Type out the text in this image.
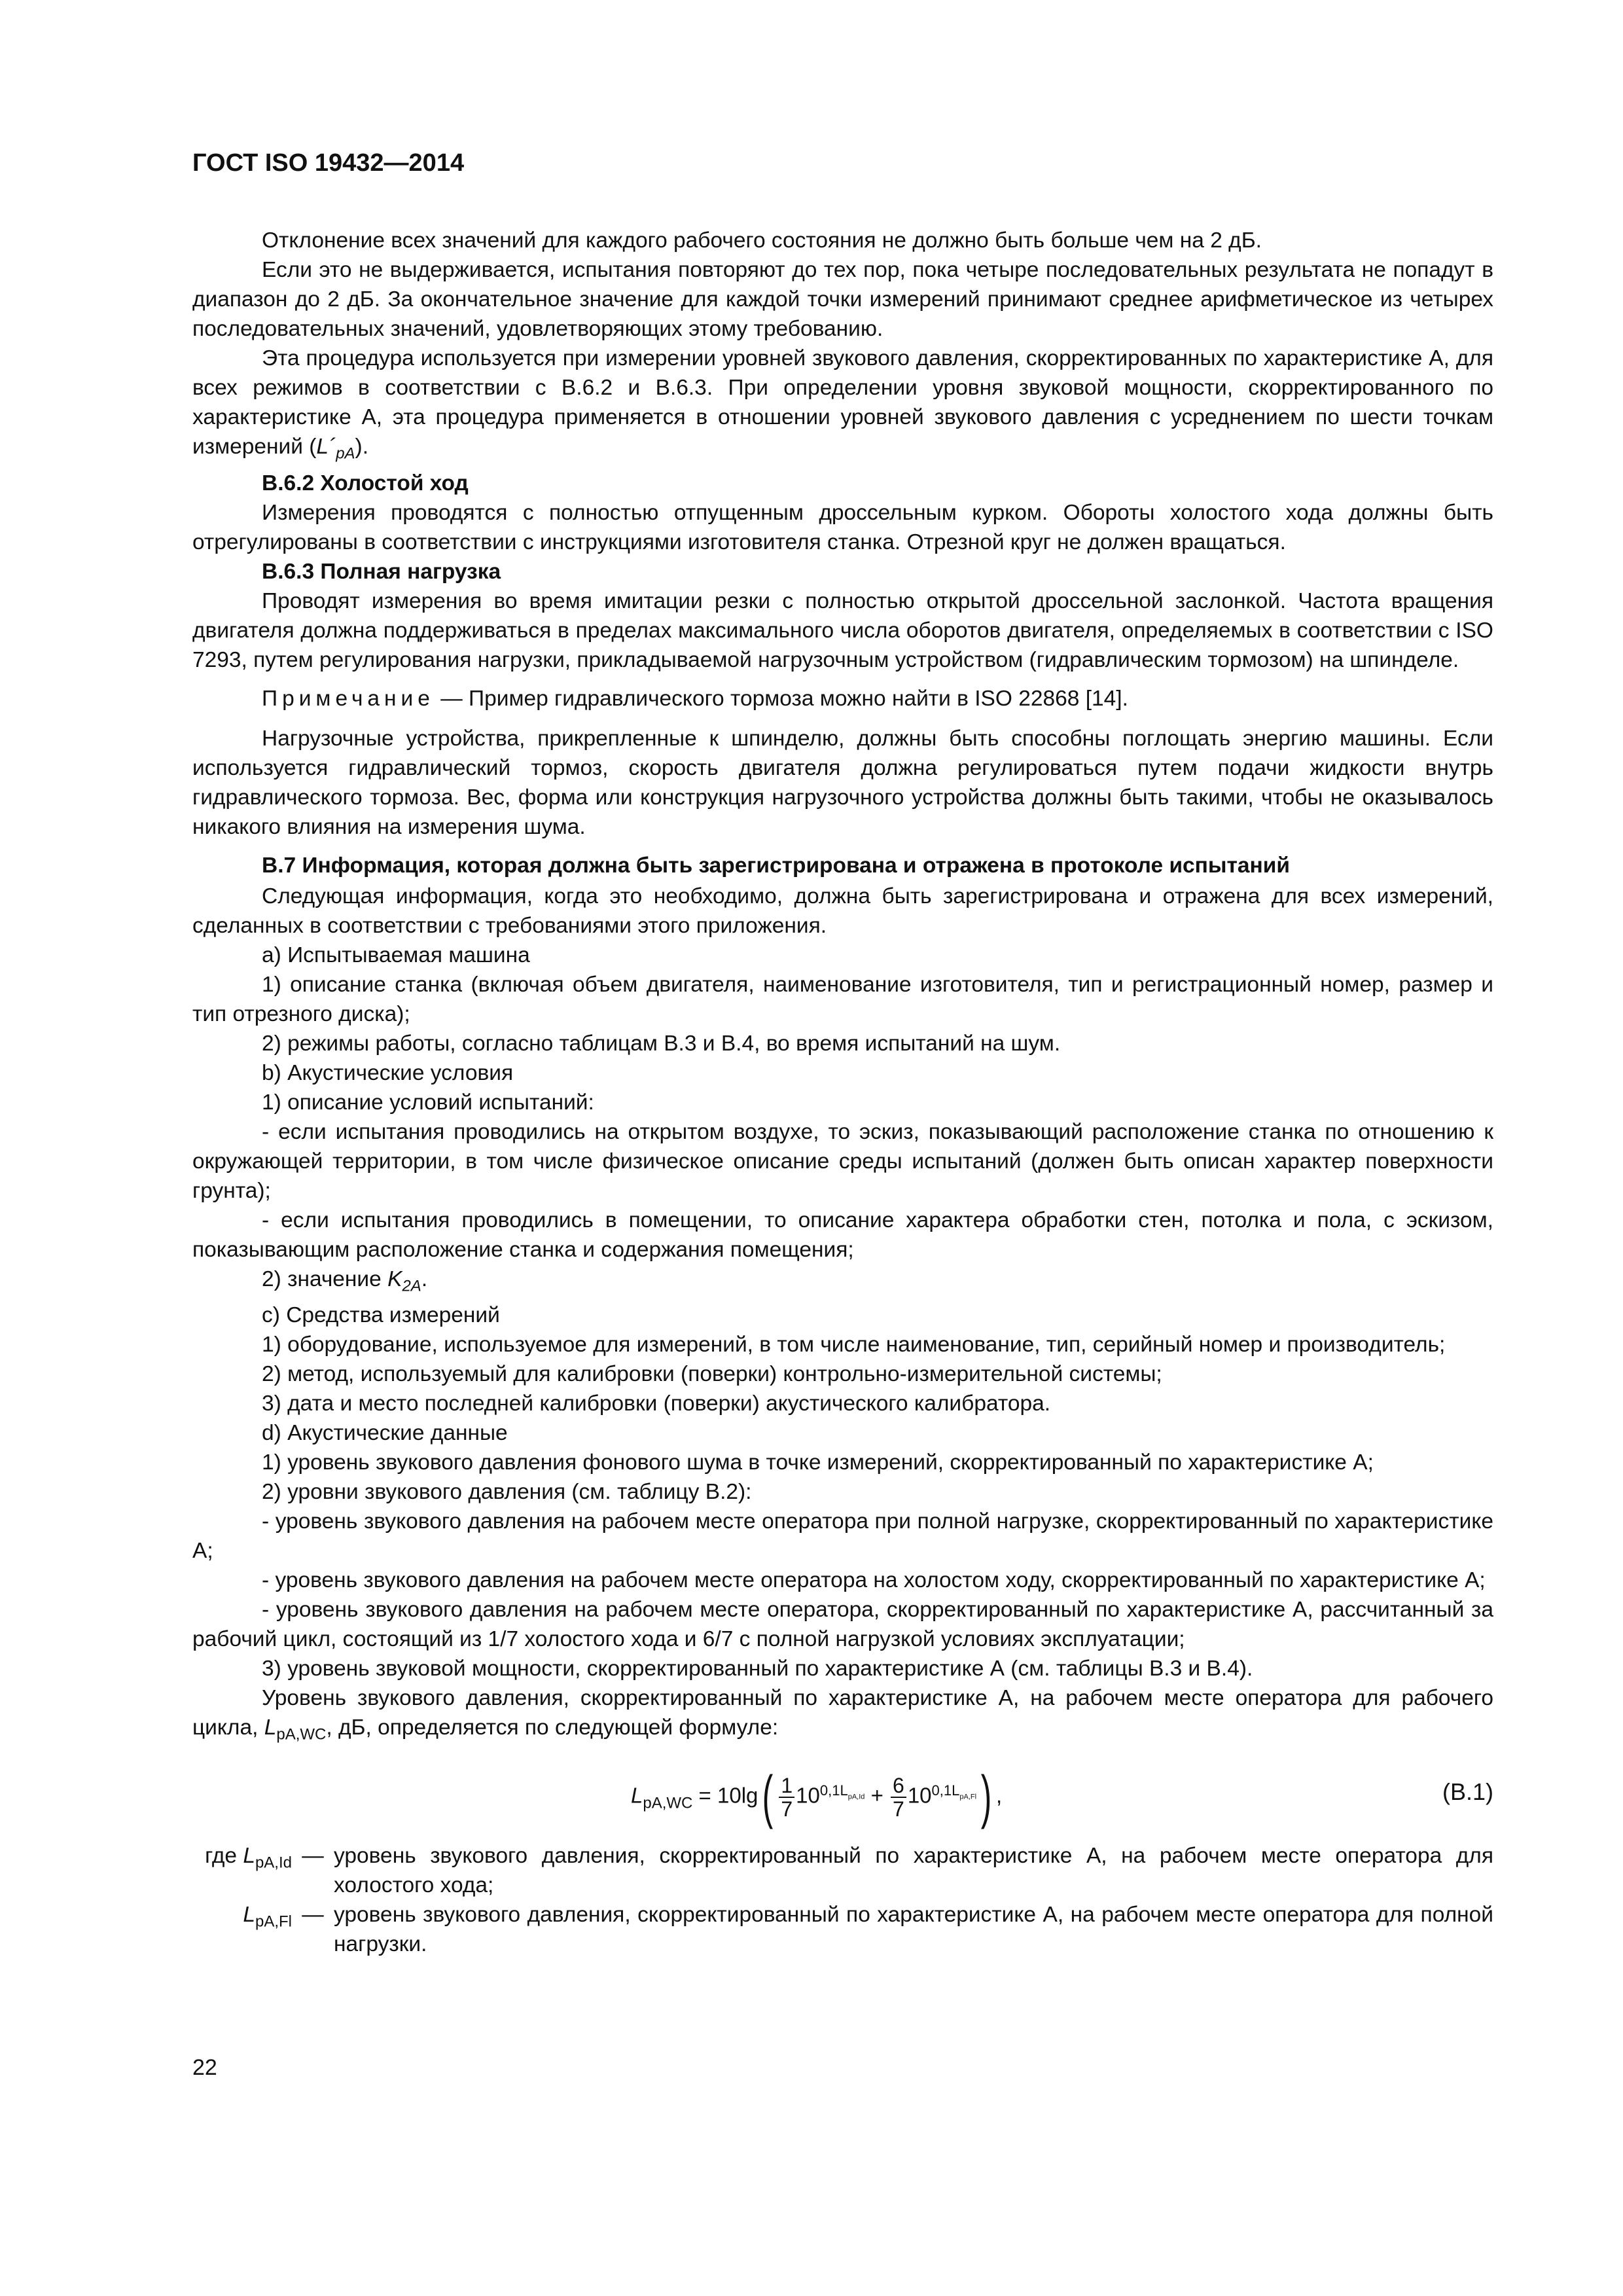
ГОСТ ISO 19432—2014

Отклонение всех значений для каждого рабочего состояния не должно быть больше чем на 2 дБ.

Если это не выдерживается, испытания повторяют до тех пор, пока четыре последовательных результата не попадут в диапазон до 2 дБ. За окончательное значение для каждой точки измерений принимают среднее арифметическое из четырех последовательных значений, удовлетворяющих этому требованию.

Эта процедура используется при измерении уровней звукового давления, скорректированных по характеристике А, для всех режимов в соответствии с В.6.2 и В.6.3. При определении уровня звуковой мощности, скорректированного по характеристике А, эта процедура применяется в отношении уровней звукового давления с усреднением по шести точкам измерений $(L´_{pA})$.

В.6.2 Холостой ход

Измерения проводятся с полностью отпущенным дроссельным курком. Обороты холостого хода должны быть отрегулированы в соответствии с инструкциями изготовителя станка. Отрезной круг не должен вращаться.

В.6.3 Полная нагрузка

Проводят измерения во время имитации резки с полностью открытой дроссельной заслонкой. Частота вращения двигателя должна поддерживаться в пределах максимального числа оборотов двигателя, определяемых в соответствии с ISO 7293, путем регулирования нагрузки, прикладываемой нагрузочным устройством (гидравлическим тормозом) на шпинделе.

Примечание — Пример гидравлического тормоза можно найти в ISO 22868 [14].

Нагрузочные устройства, прикрепленные к шпинделю, должны быть способны поглощать энергию машины. Если используется гидравлический тормоз, скорость двигателя должна регулироваться путем подачи жидкости внутрь гидравлического тормоза. Вес, форма или конструкция нагрузочного устройства должны быть такими, чтобы не оказывалось никакого влияния на измерения шума.

В.7 Информация, которая должна быть зарегистрирована и отражена в протоколе испытаний

Следующая информация, когда это необходимо, должна быть зарегистрирована и отражена для всех измерений, сделанных в соответствии с требованиями этого приложения.

а) Испытываемая машина

1) описание станка (включая объем двигателя, наименование изготовителя, тип и регистрационный номер, размер и тип отрезного диска);

2) режимы работы, согласно таблицам В.3 и В.4, во время испытаний на шум.

b) Акустические условия

1) описание условий испытаний:

- если испытания проводились на открытом воздухе, то эскиз, показывающий расположение станка по отношению к окружающей территории, в том числе физическое описание среды испытаний (должен быть описан характер поверхности грунта);

- если испытания проводились в помещении, то описание характера обработки стен, потолка и пола, с эскизом, показывающим расположение станка и содержания помещения;

2) значение $K_{2A}$.

с) Средства измерений

1) оборудование, используемое для измерений, в том числе наименование, тип, серийный номер и производитель;

2) метод, используемый для калибровки (поверки) контрольно-измерительной системы;

3) дата и место последней калибровки (поверки) акустического калибратора.

d) Акустические данные

1) уровень звукового давления фонового шума в точке измерений, скорректированный по характеристике А;

2) уровни звукового давления (см. таблицу В.2):

- уровень звукового давления на рабочем месте оператора при полной нагрузке, скорректированный по характеристике А;

- уровень звукового давления на рабочем месте оператора на холостом ходу, скорректированный по характеристике А;

- уровень звукового давления на рабочем месте оператора, скорректированный по характеристике А, рассчитанный за рабочий цикл, состоящий из 1/7 холостого хода и 6/7 с полной нагрузкой условиях эксплуатации;

3) уровень звуковой мощности, скорректированный по характеристике А (см. таблицы В.3 и В.4).

Уровень звукового давления, скорректированный по характеристике А, на рабочем месте оператора для рабочего цикла, $L_{pA,WC}$, дБ, определяется по следующей формуле:

$L_{pA,WC} = 10\lg( \frac{1}{7} 10^{0,1L_{pA,Id}} + \frac{6}{7} 10^{0,1L_{pA,Fl}})$ ,	(В.1)
где $L_{pA,Id}$ — уровень звукового давления, скорректированный по характеристике А, на рабочем месте оператора для холостого хода;
$L_{pA,Fl}$ — уровень звукового давления, скорректированный по характеристике А, на рабочем месте оператора для полной нагрузки.
22
